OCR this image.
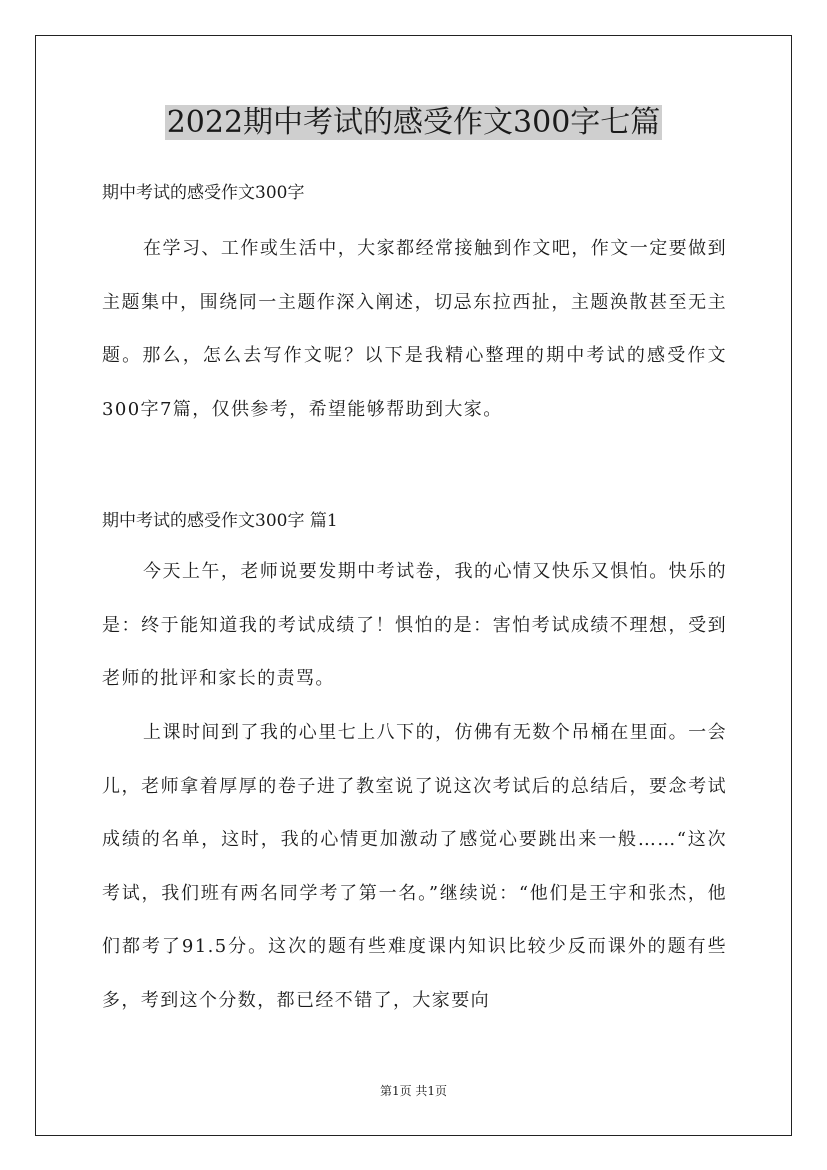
2022期中考试的感受作文300字七篇
期中考试的感受作文300字
在学习、工作或生活中，大家都经常接触到作文吧，作文一定要做到主题集中，围绕同一主题作深入阐述，切忌东拉西扯，主题涣散甚至无主题。那么，怎么去写作文呢？以下是我精心整理的期中考试的感受作文300字7篇，仅供参考，希望能够帮助到大家。
期中考试的感受作文300字 篇1
今天上午，老师说要发期中考试卷，我的心情又快乐又惧怕。快乐的是：终于能知道我的考试成绩了！惧怕的是：害怕考试成绩不理想，受到老师的批评和家长的责骂。
上课时间到了我的心里七上八下的，仿佛有无数个吊桶在里面。一会儿，老师拿着厚厚的卷子进了教室说了说这次考试后的总结后，要念考试成绩的名单，这时，我的心情更加激动了感觉心要跳出来一般……“这次考试，我们班有两名同学考了第一名。”继续说：“他们是王宇和张杰，他们都考了91.5分。这次的题有些难度课内知识比较少反而课外的题有些多，考到这个分数，都已经不错了，大家要向
第1页 共1页
